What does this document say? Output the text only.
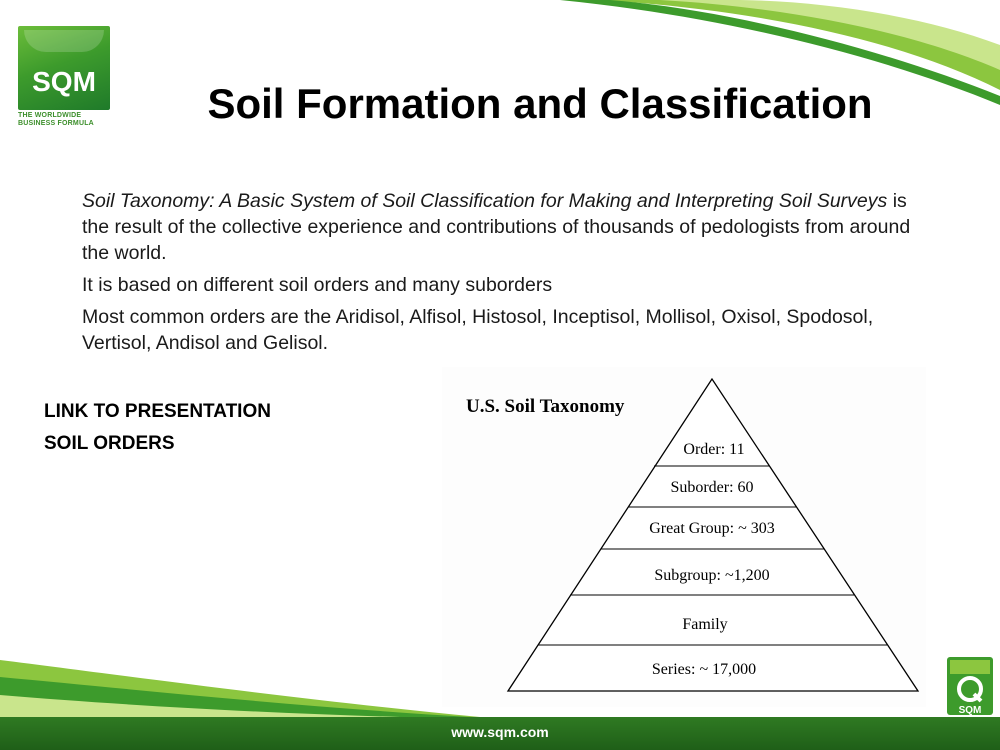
SQM
THE WORLDWIDE
BUSINESS FORMULA	Soil Formation and Classification

Soil Taxonomy: A Basic System of Soil Classification for Making and Interpreting Soil Surveys is the result of the collective experience and contributions of thousands of pedologists from around the world.

It is based on different soil orders and many suborders

Most common orders are the Aridisol, Alfisol, Histosol, Inceptisol, Mollisol, Oxisol, Spodosol, Vertisol, Andisol and Gelisol.

LINK TO PRESENTATION
SOIL ORDERS
U.S. Soil Taxonomy
Order: 11
Suborder: 60
Great Group: ~ 303
Subgroup: ~1,200
Family
Series: ~ 17,000
www.sqm.com
SQM
